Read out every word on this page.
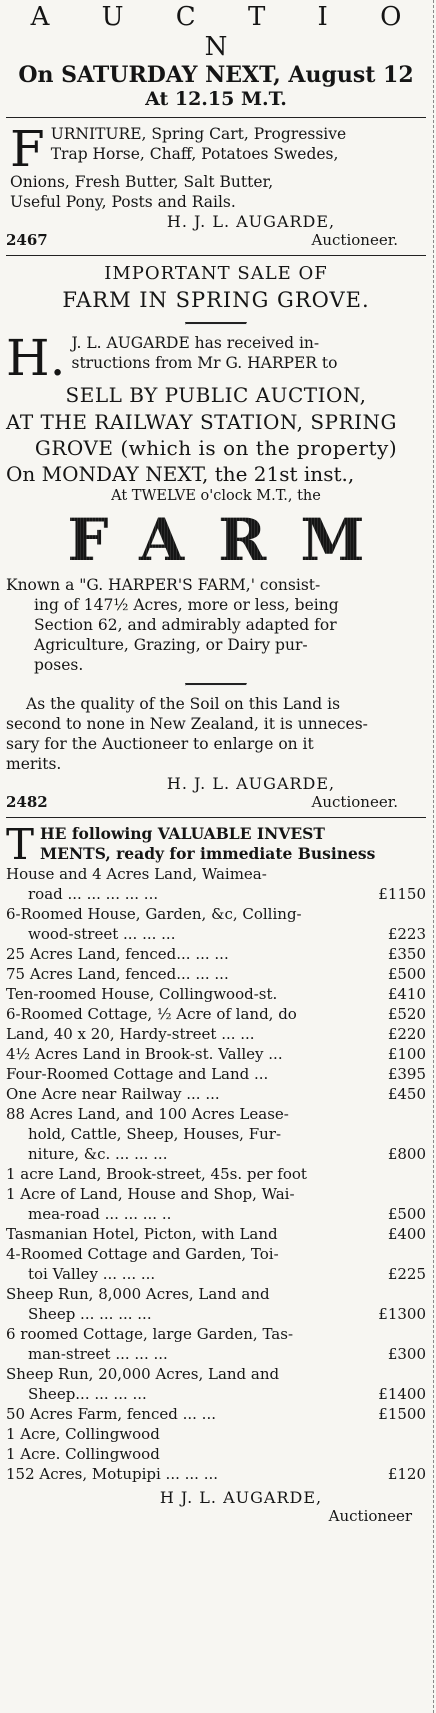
A U C T I O N
On SATURDAY NEXT, August 12
At 12.15 M.T.
F URNITURE, Spring Cart, Progressive
Trap Horse, Chaff, Potatoes Swedes,
Onions, Fresh Butter, Salt Butter,
Useful Pony, Posts and Rails.
H. J. L. AUGARDE,
2467	Auctioneer.
IMPORTANT SALE OF
FARM IN SPRING GROVE.
H. J. L. AUGARDE has received in-
structions from Mr G. HARPER to
SELL BY PUBLIC AUCTION,
AT THE RAILWAY STATION, SPRING
GROVE (which is on the property)
On MONDAY NEXT, the 21st inst.,
At TWELVE o'clock M.T., the
FARM
Known a "G. HARPER'S FARM,' consist-
ing of 147½ Acres, more or less, being
Section 62, and admirably adapted for
Agriculture, Grazing, or Dairy pur-
poses.
As the quality of the Soil on this Land is
second to none in New Zealand, it is unneces-
sary for the Auctioneer to enlarge on it
merits.
H. J. L. AUGARDE,
2482	Auctioneer.
T HE following VALUABLE INVEST
MENTS, ready for immediate Business
House and 4 Acres Land, Waimea-
road ... ... ... ... ...	£1150
6-Roomed House, Garden, &c, Colling-
wood-street ... ... ...	£223
25 Acres Land, fenced... ... ...	£350
75 Acres Land, fenced... ... ...	£500
Ten-roomed House, Collingwood-st.	£410
6-Roomed Cottage, ½ Acre of land, do	£520
Land, 40 x 20, Hardy-street ... ...	£220
4½ Acres Land in Brook-st. Valley ...	£100
Four-Roomed Cottage and Land ...	£395
One Acre near Railway ... ...	£450
88 Acres Land, and 100 Acres Lease-
hold, Cattle, Sheep, Houses, Fur-
niture, &c. ... ... ...	£800
1 acre Land, Brook-street, 45s. per foot
1 Acre of Land, House and Shop, Wai-
mea-road ... ... ... ..	£500
Tasmanian Hotel, Picton, with Land	£400
4-Roomed Cottage and Garden, Toi-
toi Valley ... ... ...	£225
Sheep Run, 8,000 Acres, Land and
Sheep ... ... ... ...	£1300
6 roomed Cottage, large Garden, Tas-
man-street ... ... ...	£300
Sheep Run, 20,000 Acres, Land and
Sheep... ... ... ...	£1400
50 Acres Farm, fenced ... ...	£1500
1 Acre, Collingwood
1 Acre. Collingwood
152 Acres, Motupipi ... ... ...	£120
H J. L. AUGARDE,
Auctioneer
